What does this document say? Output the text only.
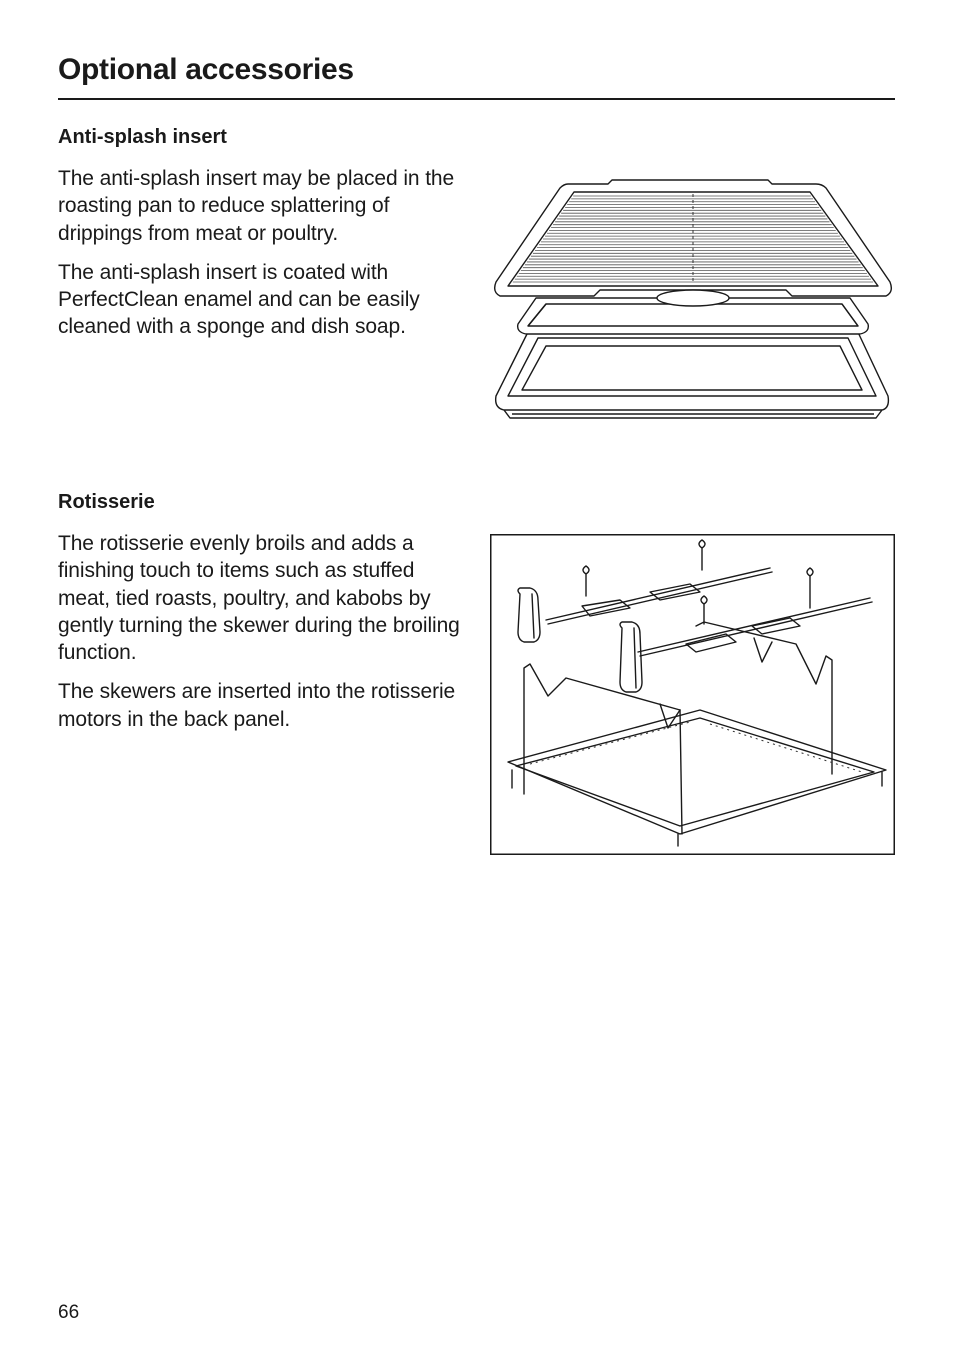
Optional accessories
Anti-splash insert

The anti-splash insert may be placed in the roasting pan to reduce splattering of drippings from meat or poultry.

The anti-splash insert is coated with PerfectClean enamel and can be easily cleaned with a sponge and dish soap.

Rotisserie

The rotisserie evenly broils and adds a finishing touch to items such as stuffed meat, tied roasts, poultry, and kabobs by gently turning the skewer during the broiling function.

The skewers are inserted into the rotisserie motors in the back panel.

66
